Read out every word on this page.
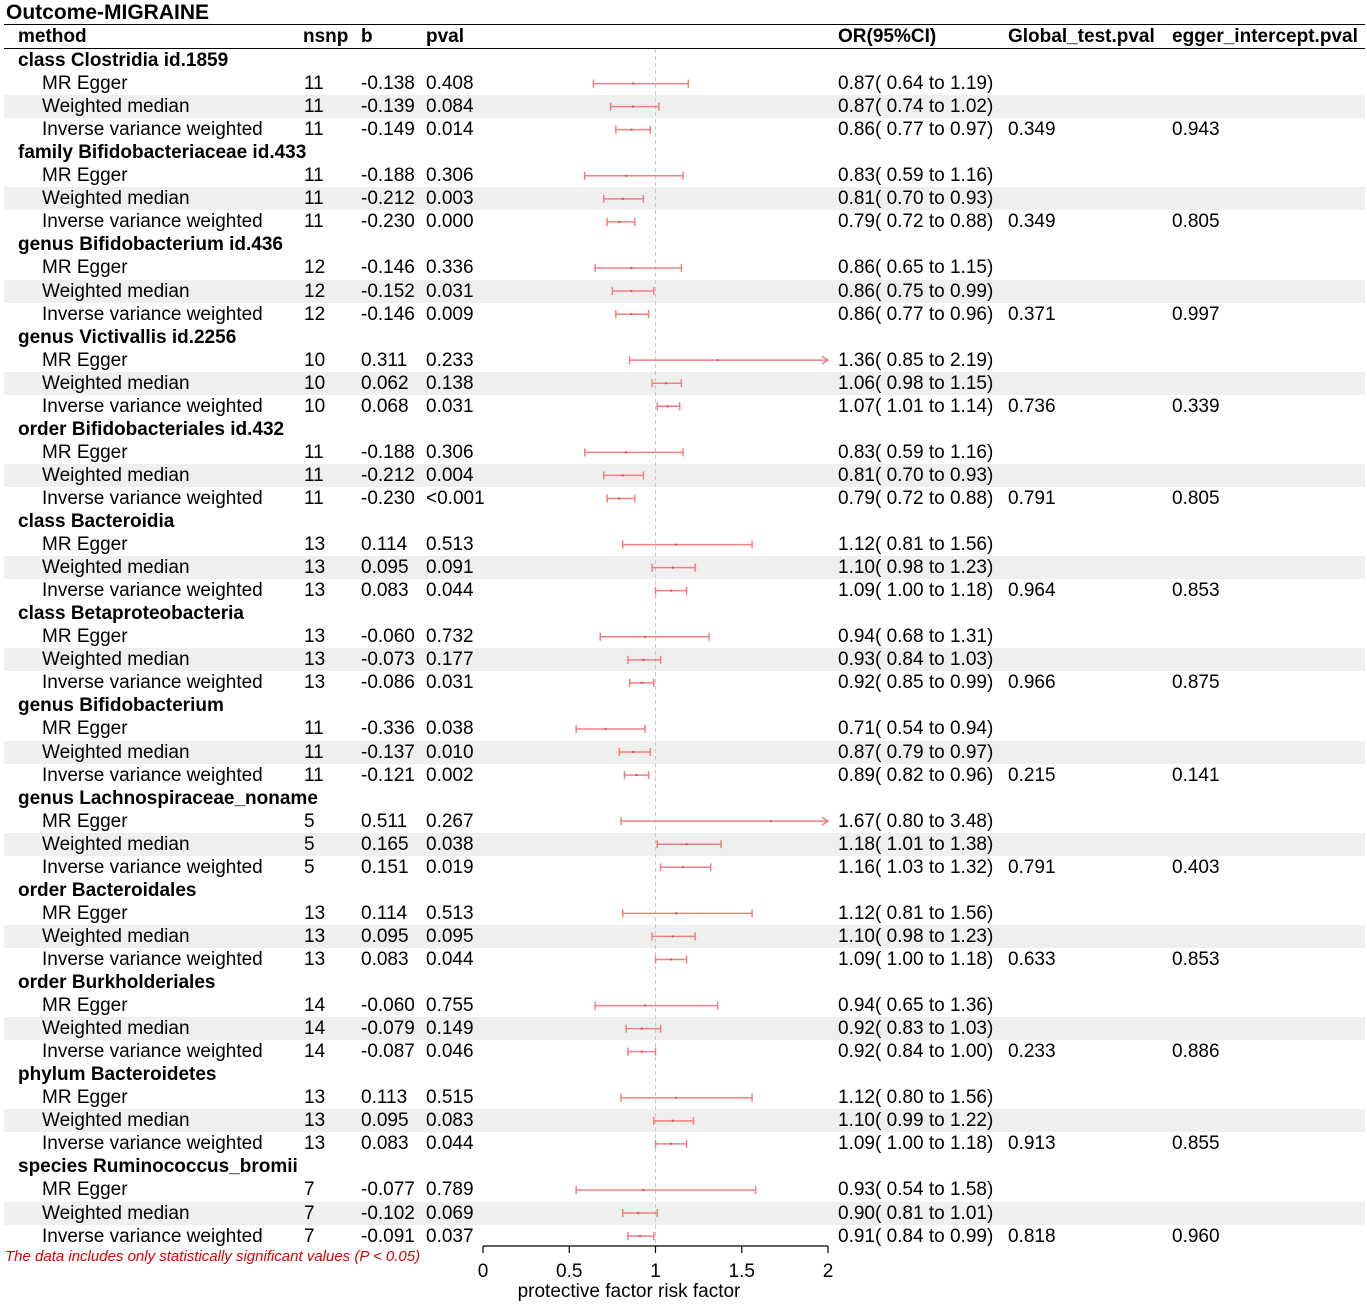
Outcome-MIGRAINE
method	nsnp b	pval	OR(95%CI)	Global_test.pval egger_intercept.pval
class Clostridia id.1859
MR Egger	11 -0.138 0.408	0.87( 0.64 to 1.19)
Weighted median	11 -0.139 0.084	0.87( 0.74 to 1.02)
Inverse variance weighted 11 -0.149 0.014	0.86( 0.77 to 0.97) 0.349	0.943
family Bifidobacteriaceae id.433
MR Egger	11 -0.188 0.306	0.83( 0.59 to 1.16)
Weighted median	11 -0.212 0.003	0.81( 0.70 to 0.93)
Inverse variance weighted 11 -0.230 0.000	0.79( 0.72 to 0.88) 0.349	0.805
genus Bifidobacterium id.436
MR Egger	12 -0.146 0.336	0.86( 0.65 to 1.15)
Weighted median	12 -0.152 0.031	0.86( 0.75 to 0.99)
Inverse variance weighted 12 -0.146 0.009	0.86( 0.77 to 0.96) 0.371	0.997
genus Victivallis id.2256
MR Egger	10 0.311 0.233	1.36( 0.85 to 2.19)
Weighted median	10 0.062 0.138	1.06( 0.98 to 1.15)
Inverse variance weighted 10 0.068 0.031	1.07( 1.01 to 1.14) 0.736	0.339
order Bifidobacteriales id.432
MR Egger	11 -0.188 0.306	0.83( 0.59 to 1.16)
Weighted median	11 -0.212 0.004	0.81( 0.70 to 0.93)
Inverse variance weighted 11 -0.230 <0.001	0.79( 0.72 to 0.88) 0.791	0.805
class Bacteroidia
MR Egger	13 0.114 0.513	1.12( 0.81 to 1.56)
Weighted median	13 0.095 0.091	1.10( 0.98 to 1.23)
Inverse variance weighted 13 0.083 0.044	1.09( 1.00 to 1.18) 0.964	0.853
class Betaproteobacteria
MR Egger	13 -0.060 0.732	0.94( 0.68 to 1.31)
Weighted median	13 -0.073 0.177	0.93( 0.84 to 1.03)
Inverse variance weighted 13 -0.086 0.031	0.92( 0.85 to 0.99) 0.966	0.875
genus Bifidobacterium
MR Egger	11 -0.336 0.038	0.71( 0.54 to 0.94)
Weighted median	11 -0.137 0.010	0.87( 0.79 to 0.97)
Inverse variance weighted 11 -0.121 0.002	0.89( 0.82 to 0.96) 0.215	0.141
genus Lachnospiraceae_noname
MR Egger	5 0.511 0.267	1.67( 0.80 to 3.48)
Weighted median	5 0.165 0.038	1.18( 1.01 to 1.38)
Inverse variance weighted 5 0.151 0.019	1.16( 1.03 to 1.32) 0.791	0.403
order Bacteroidales
MR Egger	13 0.114 0.513	1.12( 0.81 to 1.56)
Weighted median	13 0.095 0.095	1.10( 0.98 to 1.23)
Inverse variance weighted 13 0.083 0.044	1.09( 1.00 to 1.18) 0.633	0.853
order Burkholderiales
MR Egger	14 -0.060 0.755	0.94( 0.65 to 1.36)
Weighted median	14 -0.079 0.149	0.92( 0.83 to 1.03)
Inverse variance weighted 14 -0.087 0.046	0.92( 0.84 to 1.00) 0.233	0.886
phylum Bacteroidetes
MR Egger	13 0.113 0.515	1.12( 0.80 to 1.56)
Weighted median	13 0.095 0.083	1.10( 0.99 to 1.22)
Inverse variance weighted 13 0.083 0.044	1.09( 1.00 to 1.18) 0.913	0.855
species Ruminococcus_bromii
MR Egger	7 -0.077 0.789	0.93( 0.54 to 1.58)
Weighted median	7 -0.102 0.069	0.90( 0.81 to 1.01)
Inverse variance weighted 7 -0.091 0.037	0.91( 0.84 to 0.99) 0.818	0.960
0	0.5	1	1.5	2
The data includes only statistically significant values (P < 0.05)
protective factor risk factor
